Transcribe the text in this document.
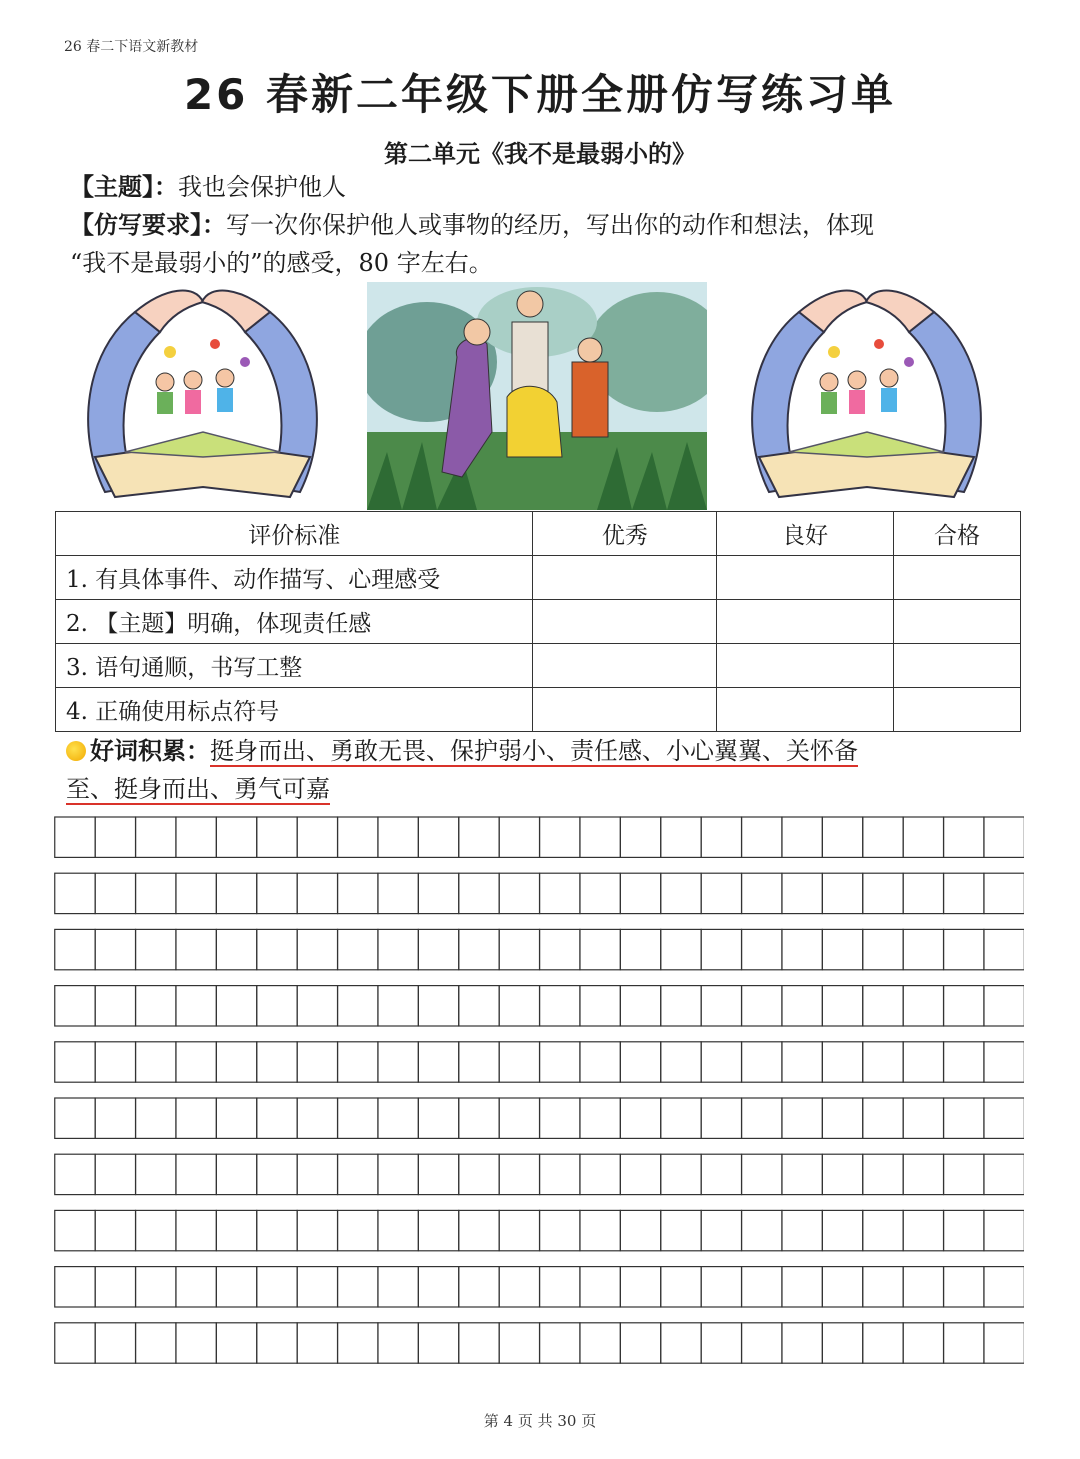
26 春二下语文新教材
26 春新二年级下册全册仿写练习单
第二单元《我不是最弱小的》
【主题】：我也会保护他人
【仿写要求】：写一次你保护他人或事物的经历，写出你的动作和想法，体现
“我不是最弱小的”的感受，80 字左右。
评价标准	优秀	良好	合格
1. 有具体事件、动作描写、心理感受			
2. 【主题】明确，体现责任感			
3. 语句通顺，书写工整			
4. 正确使用标点符号			
好词积累：挺身而出、勇敢无畏、保护弱小、责任感、小心翼翼、关怀备
至、挺身而出、勇气可嘉
第 4 页 共 30 页
